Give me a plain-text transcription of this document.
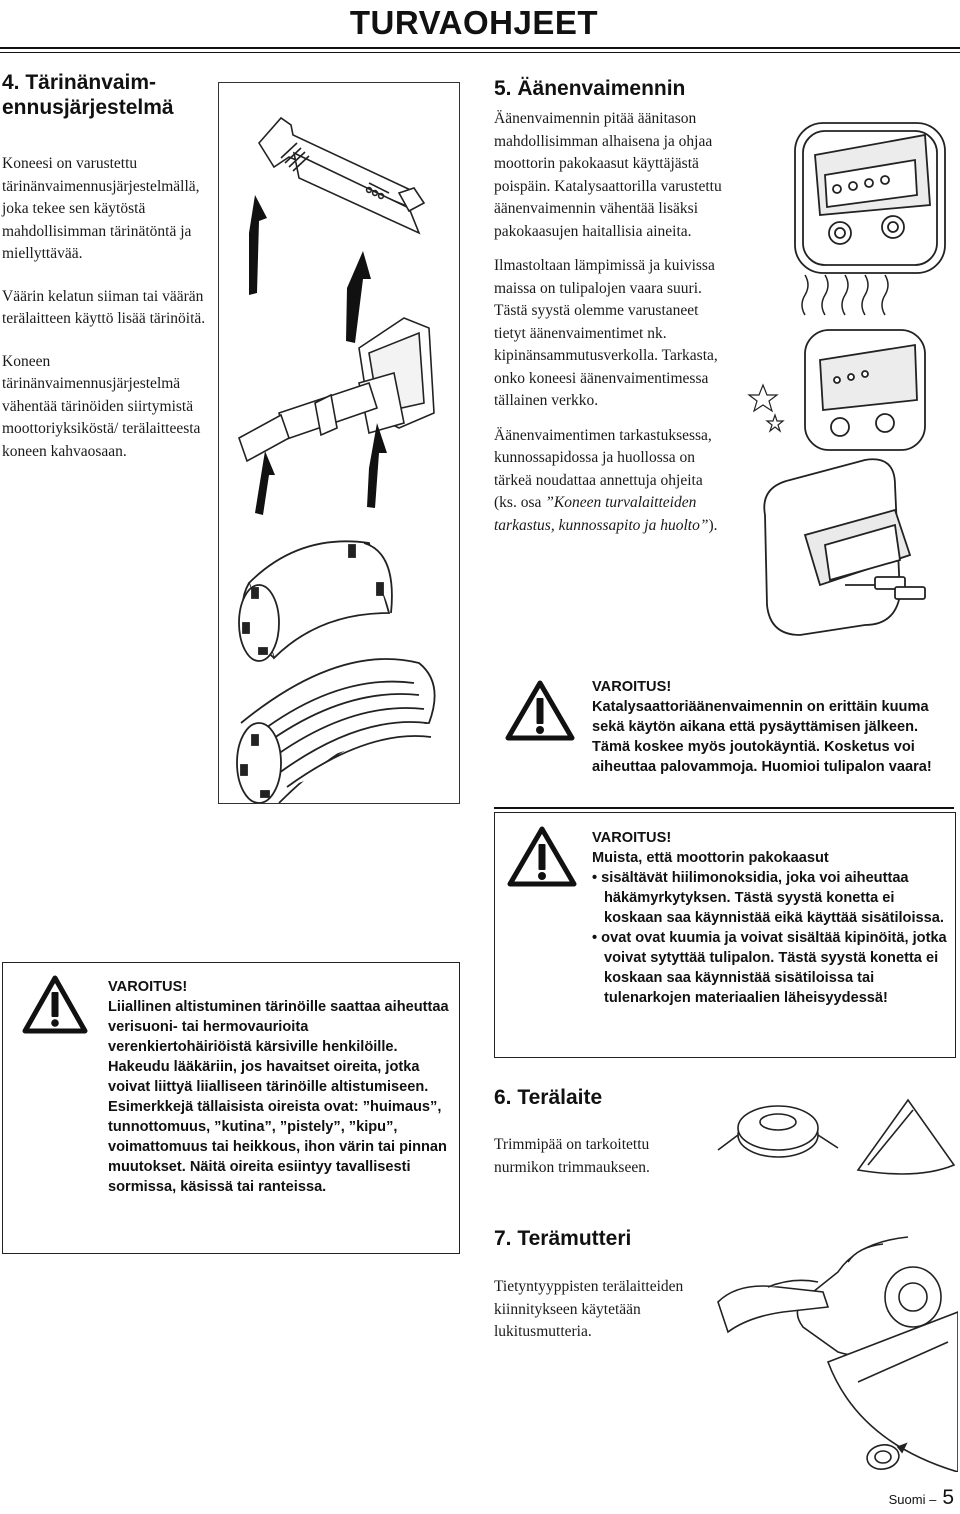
TURVAOHJEET
4. Tärinänvaim-
ennusjärjestelmä

Koneesi on varustettu tärinänvaimennusjärjestelmällä, joka tekee sen käytöstä mahdollisimman tärinätöntä ja miellyttävää.

Väärin kelatun siiman tai väärän terälaitteen käyttö lisää tärinöitä.

Koneen tärinänvaimennusjärjestelmä vähentää tärinöiden siirtymistä moottoriyksiköstä/ terälaitteesta koneen kahvaosaan.

VAROITUS!
Liiallinen altistuminen tärinöille saattaa aiheuttaa verisuoni- tai hermovaurioita verenkiertohäiriöistä kärsiville henkilöille. Hakeudu lääkäriin, jos havaitset oireita, jotka voivat liittyä liialliseen tärinöille altistumiseen. Esimerkkejä tällaisista oireista ovat: ”huimaus”, tunnottomuus, ”kutina”, ”pistely”, ”kipu”, voimattomuus tai heikkous, ihon värin tai pinnan muutokset. Näitä oireita esiintyy tavallisesti sormissa, käsissä tai ranteissa.
5. Äänenvaimennin

Äänenvaimennin pitää äänitason mahdollisimman alhaisena ja ohjaa moottorin pakokaasut käyttäjästä poispäin. Katalysaattorilla varustettu äänenvaimennin vähentää lisäksi pakokaasujen haitallisia aineita.

Ilmastoltaan lämpimissä ja kuivissa maissa on tulipalojen vaara suuri. Tästä syystä olemme varustaneet tietyt äänenvaimentimet nk. kipinänsammutusverkolla. Tarkasta, onko koneesi äänenvaimentimessa tällainen verkko.

Äänenvaimentimen tarkastuksessa, kunnossapidossa ja huollossa on tärkeä noudattaa annettuja ohjeita (ks. osa ”Koneen turvalaitteiden tarkastus, kunnossapito ja huolto”).

VAROITUS!
Katalysaattoriäänenvaimennin on erittäin kuuma sekä käytön aikana että pysäyttämisen jälkeen. Tämä koskee myös joutokäyntiä. Kosketus voi aiheuttaa palovammoja. Huomioi tulipalon vaara!
VAROITUS!
Muista, että moottorin pakokaasut
• sisältävät hiilimonoksidia, joka voi aiheuttaa häkämyrkytyksen. Tästä syystä konetta ei koskaan saa käynnistää eikä käyttää sisätiloissa.
• ovat ovat kuumia ja voivat sisältää kipinöitä, jotka voivat sytyttää tulipalon. Tästä syystä konetta ei koskaan saa käynnistää sisätiloissa tai tulenarkojen materiaalien läheisyydessä!
6. Terälaite
Trimmipää on tarkoitettu nurmikon trimmaukseen.
7. Terämutteri
Tietyntyyppisten terälaitteiden kiinnitykseen käytetään lukitusmutteria.
Suomi – 5
